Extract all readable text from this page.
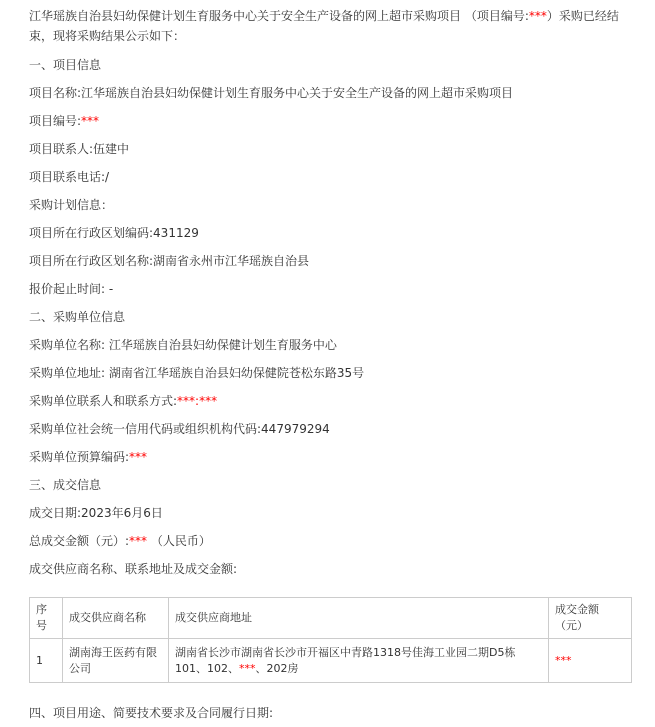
江华瑶族自治县妇幼保健计划生育服务中心关于安全生产设备的网上超市采购项目 （项目编号:***）采购已经结束，现将采购结果公示如下：

一、项目信息

项目名称:江华瑶族自治县妇幼保健计划生育服务中心关于安全生产设备的网上超市采购项目

项目编号:***

项目联系人:伍建中

项目联系电话:/

采购计划信息：

项目所在行政区划编码:431129

项目所在行政区划名称:湖南省永州市江华瑶族自治县

报价起止时间: -

二、采购单位信息

采购单位名称: 江华瑶族自治县妇幼保健计划生育服务中心

采购单位地址: 湖南省江华瑶族自治县妇幼保健院苍松东路35号

采购单位联系人和联系方式:***:***

采购单位社会统一信用代码或组织机构代码:447979294

采购单位预算编码:***

三、成交信息

成交日期:2023年6月6日

总成交金额（元）:*** （人民币）

成交供应商名称、联系地址及成交金额:

序号	成交供应商名称	成交供应商地址	成交金额（元）
1	湖南海王医药有限公司	湖南省长沙市湖南省长沙市开福区中青路1318号佳海工业园二期D5栋101、102、***、202房	***

四、项目用途、简要技术要求及合同履行日期:
